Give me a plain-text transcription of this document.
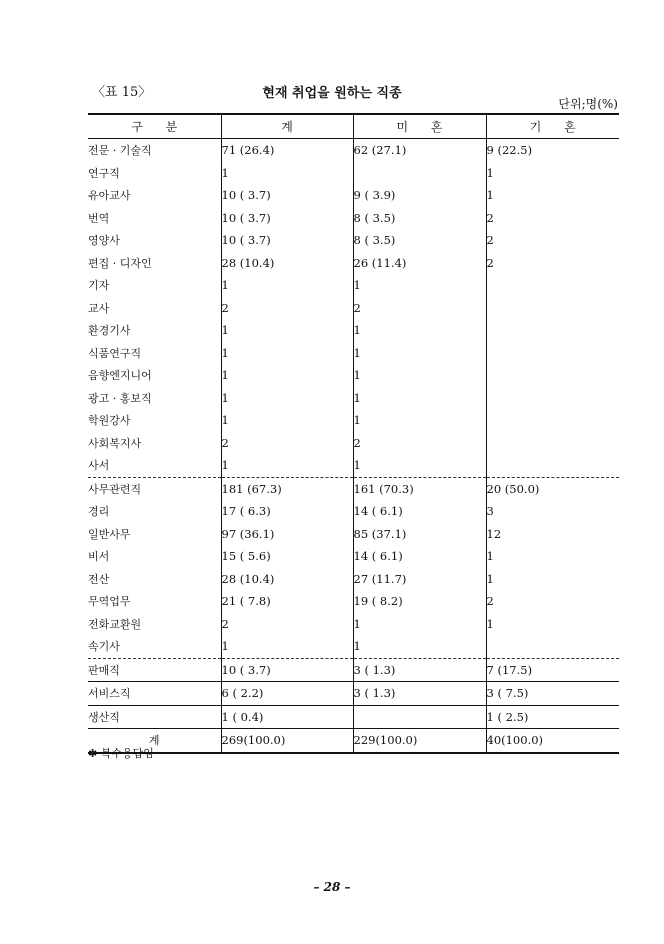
〈표 15〉	현재 취업을 원하는 직종
단위;명(%)
구      분	계	미      혼	기      혼
전문 · 기술직	71 (26.4)	62 (27.1)	9 (22.5)
연구직	1		1
유아교사	10 ( 3.7)	9 ( 3.9)	1
번역	10 ( 3.7)	8 ( 3.5)	2
영양사	10 ( 3.7)	8 ( 3.5)	2
편집 · 디자인	28 (10.4)	26 (11.4)	2
기자	1	1	
교사	2	2	
환경기사	1	1	
식품연구직	1	1	
음향엔지니어	1	1	
광고 · 홍보직	1	1	
학원강사	1	1	
사회복지사	2	2	
사서	1	1	
사무관련직	181 (67.3)	161 (70.3)	20 (50.0)
경리	17 ( 6.3)	14 ( 6.1)	3
일반사무	97 (36.1)	85 (37.1)	12
비서	15 ( 5.6)	14 ( 6.1)	1
전산	28 (10.4)	27 (11.7)	1
무역업무	21 ( 7.8)	19 ( 8.2)	2
전화교환원	2	1	1
속기사	1	1	
판매직	10 ( 3.7)	3 ( 1.3)	7 (17.5)
서비스직	6 ( 2.2)	3 ( 1.3)	3 ( 7.5)
생산직	1 ( 0.4)		1 ( 2.5)
계	269(100.0)	229(100.0)	40(100.0)
✱ 복수응답임
– 28 –
